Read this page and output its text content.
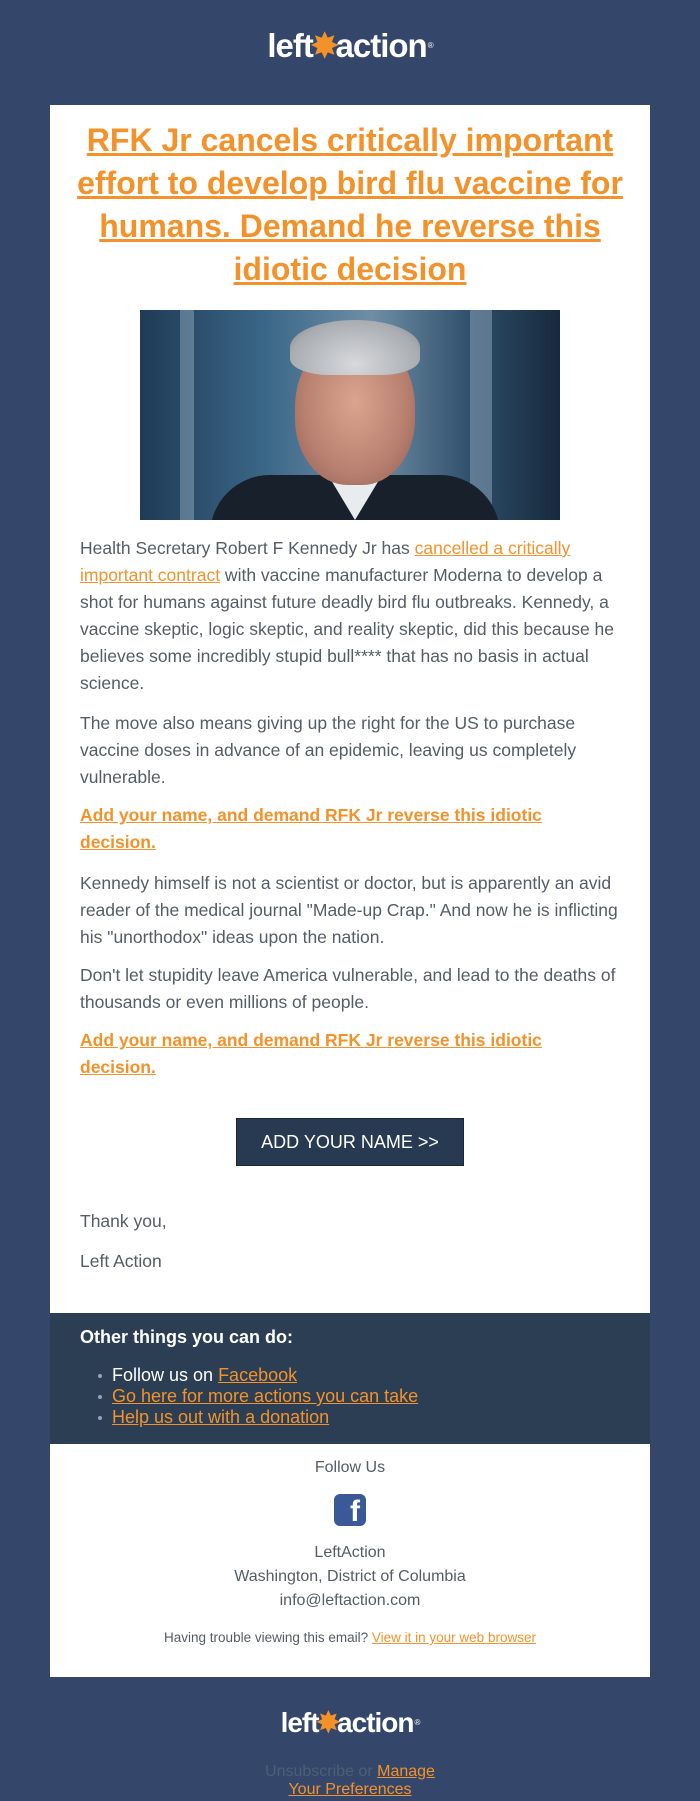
left
✸
action ®
RFK Jr cancels critically important effort to develop bird flu vaccine for humans. Demand he reverse this idiotic decision

Health Secretary Robert F Kennedy Jr has cancelled a critically important contract with vaccine manufacturer Moderna to develop a shot for humans against future deadly bird flu outbreaks. Kennedy, a vaccine skeptic, logic skeptic, and reality skeptic, did this because he believes some incredibly stupid bull**** that has no basis in actual science.

The move also means giving up the right for the US to purchase vaccine doses in advance of an epidemic, leaving us completely vulnerable.

Add your name, and demand RFK Jr reverse this idiotic decision.

Kennedy himself is not a scientist or doctor, but is apparently an avid reader of the medical journal "Made-up Crap." And now he is inflicting his "unorthodox" ideas upon the nation.

Don't let stupidity leave America vulnerable, and lead to the deaths of thousands or even millions of people.

Add your name, and demand RFK Jr reverse this idiotic decision.
ADD YOUR NAME >>

Thank you,

Left Action

Other things you can do:
Follow us on Facebook
Go here for more actions you can take
Help us out with a donation
Follow Us
f
LeftAction
Washington, District of Columbia
info@leftaction.com
Having trouble viewing this email? View it in your web browser
left
✸
action ®
Unsubscribe or Manage
Your Preferences
